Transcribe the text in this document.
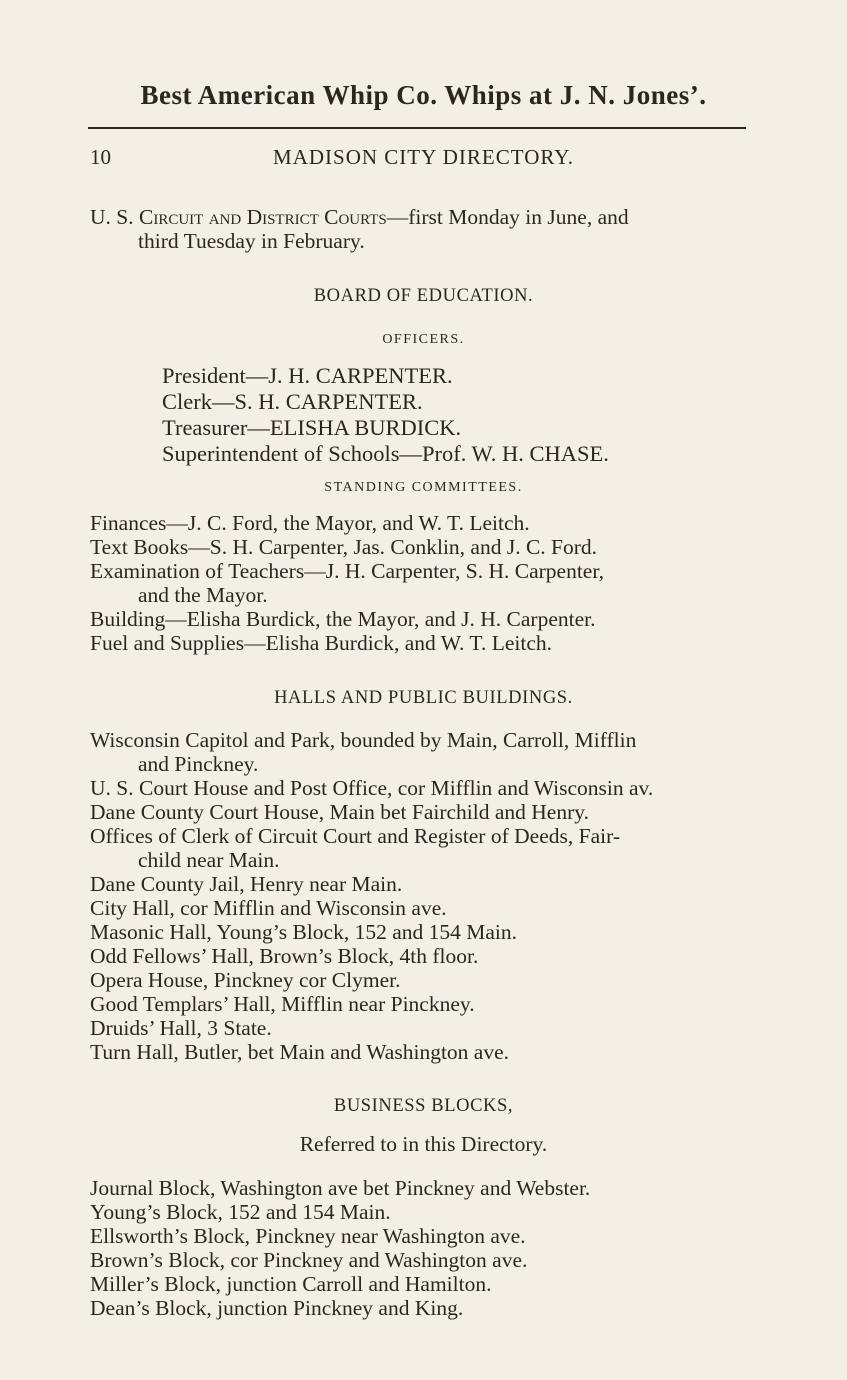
Best American Whip Co. Whips at J. N. Jones’.
10	MADISON CITY DIRECTORY.
U. S. Circuit and District Courts—first Monday in June, and
third Tuesday in February.
BOARD OF EDUCATION.
OFFICERS.
President—J. H. CARPENTER.
Clerk—S. H. CARPENTER.
Treasurer—ELISHA BURDICK.
Superintendent of Schools—Prof. W. H. CHASE.
STANDING COMMITTEES.
Finances—J. C. Ford, the Mayor, and W. T. Leitch.
Text Books—S. H. Carpenter, Jas. Conklin, and J. C. Ford.
Examination of Teachers—J. H. Carpenter, S. H. Carpenter,
and the Mayor.
Building—Elisha Burdick, the Mayor, and J. H. Carpenter.
Fuel and Supplies—Elisha Burdick, and W. T. Leitch.
HALLS AND PUBLIC BUILDINGS.
Wisconsin Capitol and Park, bounded by Main, Carroll, Mifflin
and Pinckney.
U. S. Court House and Post Office, cor Mifflin and Wisconsin av.
Dane County Court House, Main bet Fairchild and Henry.
Offices of Clerk of Circuit Court and Register of Deeds, Fair-
child near Main.
Dane County Jail, Henry near Main.
City Hall, cor Mifflin and Wisconsin ave.
Masonic Hall, Young’s Block, 152 and 154 Main.
Odd Fellows’ Hall, Brown’s Block, 4th floor.
Opera House, Pinckney cor Clymer.
Good Templars’ Hall, Mifflin near Pinckney.
Druids’ Hall, 3 State.
Turn Hall, Butler, bet Main and Washington ave.
BUSINESS BLOCKS,
Referred to in this Directory.
Journal Block, Washington ave bet Pinckney and Webster.
Young’s Block, 152 and 154 Main.
Ellsworth’s Block, Pinckney near Washington ave.
Brown’s Block, cor Pinckney and Washington ave.
Miller’s Block, junction Carroll and Hamilton.
Dean’s Block, junction Pinckney and King.
